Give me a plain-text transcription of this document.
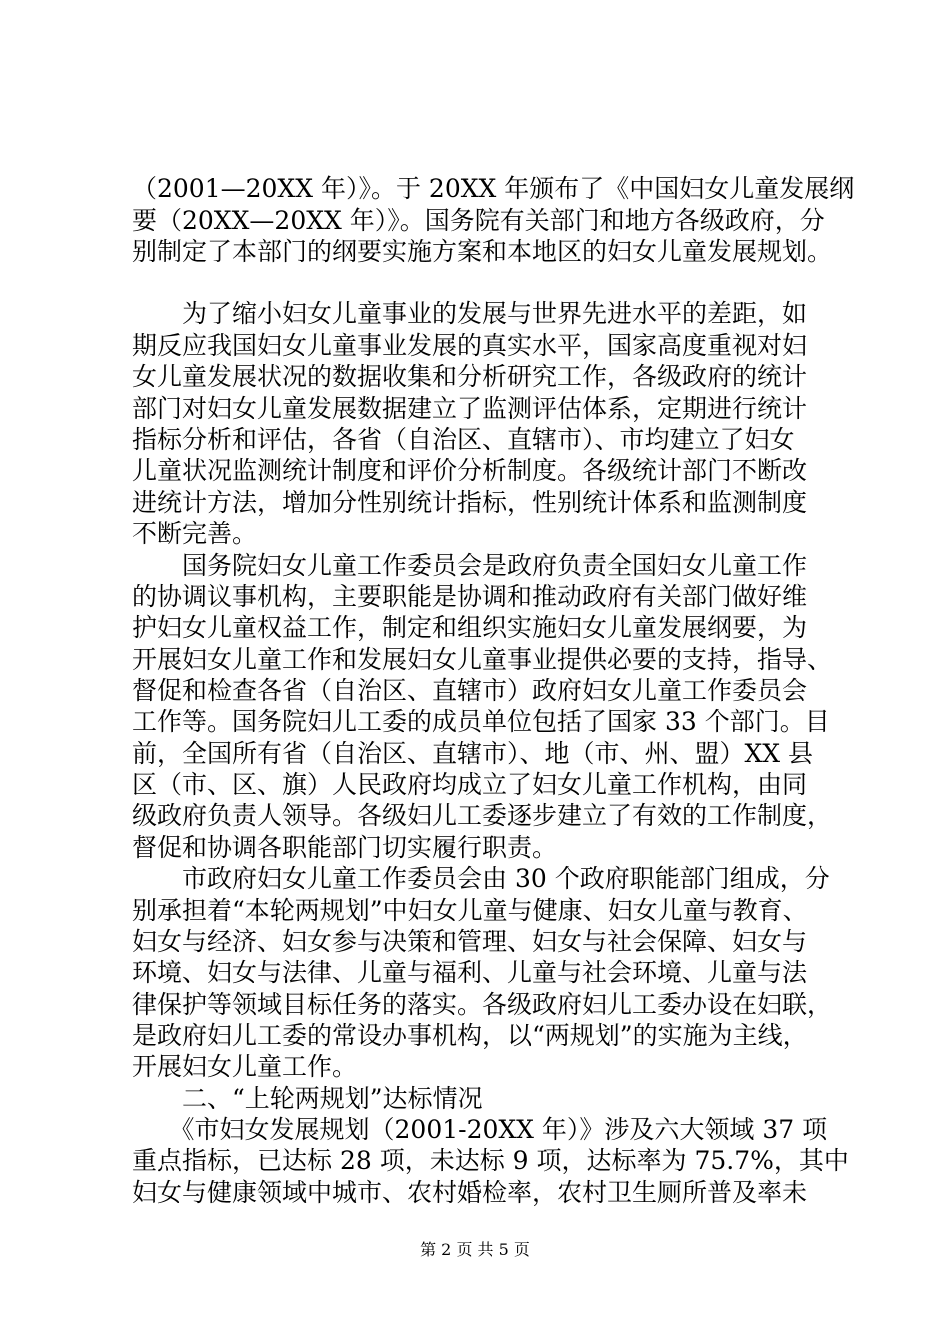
（2001—20XX 年）》。于 20XX 年颁布了《中国妇女儿童发展纲
要（20XX—20XX 年）》。国务院有关部门和地方各级政府，分
别制定了本部门的纲要实施方案和本地区的妇女儿童发展规划。
　　为了缩小妇女儿童事业的发展与世界先进水平的差距，如
期反应我国妇女儿童事业发展的真实水平，国家高度重视对妇
女儿童发展状况的数据收集和分析研究工作，各级政府的统计
部门对妇女儿童发展数据建立了监测评估体系，定期进行统计
指标分析和评估，各省（自治区、直辖市）、市均建立了妇女
儿童状况监测统计制度和评价分析制度。各级统计部门不断改
进统计方法，增加分性别统计指标，性别统计体系和监测制度
不断完善。
　　国务院妇女儿童工作委员会是政府负责全国妇女儿童工作
的协调议事机构，主要职能是协调和推动政府有关部门做好维
护妇女儿童权益工作，制定和组织实施妇女儿童发展纲要，为
开展妇女儿童工作和发展妇女儿童事业提供必要的支持，指导、
督促和检查各省（自治区、直辖市）政府妇女儿童工作委员会
工作等。国务院妇儿工委的成员单位包括了国家 33 个部门。目
前，全国所有省（自治区、直辖市）、地（市、州、盟）XX 县
区（市、区、旗）人民政府均成立了妇女儿童工作机构，由同
级政府负责人领导。各级妇儿工委逐步建立了有效的工作制度，
督促和协调各职能部门切实履行职责。
　　市政府妇女儿童工作委员会由 30 个政府职能部门组成，分
别承担着“本轮两规划”中妇女儿童与健康、妇女儿童与教育、
妇女与经济、妇女参与决策和管理、妇女与社会保障、妇女与
环境、妇女与法律、儿童与福利、儿童与社会环境、儿童与法
律保护等领域目标任务的落实。各级政府妇儿工委办设在妇联，
是政府妇儿工委的常设办事机构，以“两规划”的实施为主线，
开展妇女儿童工作。
　　二、“上轮两规划”达标情况
　　《市妇女发展规划（2001-20XX 年）》涉及六大领域 37 项
重点指标，已达标 28 项，未达标 9 项，达标率为 75.7%，其中
妇女与健康领域中城市、农村婚检率，农村卫生厕所普及率未
第 2 页 共 5 页
